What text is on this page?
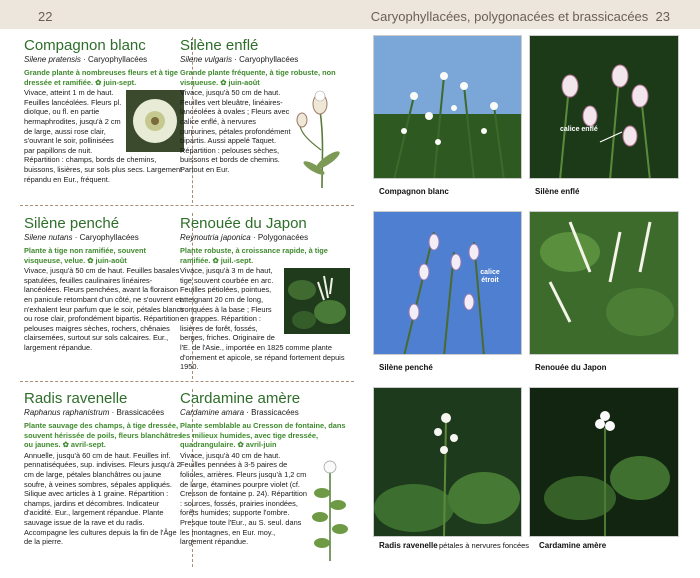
22	Caryophyllacées, polygonacées et brassicacées 23
Compagnon blanc
Silene pratensis · Caryophyllacées
Grande plante à nombreuses fleurs et à tige dressée et ramifiée. ✿ juin-sept.
Vivace, atteint 1 m de haut. Feuilles lancéolées. Fleurs pl. dioïque, ou fl. en partie hermaphrodites, jusqu'à 2 cm de large, aussi rose clair, s'ouvrant le soir, pollinisées par papillons de nuit. Répartition : champs, bords de chemins, buissons, lisières, sur sols plus secs. Largement répandu en Eur., fréquent.
Silène enflé
Silene vulgaris · Caryophyllacées
Grande plante fréquente, à tige robuste, non visqueuse. ✿ juin-août
Vivace, jusqu'à 50 cm de haut. Feuilles vert bleuâtre, linéaires-lancéolées à ovales ; Fleurs avec calice enflé, à nervures purpurines, pétales profondément bipartis. Aussi appelé Taquet. Répartition : pelouses sèches, buissons et bords de chemins. Partout en Eur.
Silène penché
Silene nutans · Caryophyllacées
Plante à tige non ramifiée, souvent visqueuse, velue. ✿ juin-août
Vivace, jusqu'à 50 cm de haut. Feuilles basales spatulées, feuilles caulinaires linéaires-lancéolées. Fleurs penchées, avant la floraison en panicule retombant d'un côté, ne s'ouvrent et n'exhalent leur parfum que le soir, pétales blancs ou rose clair, profondément bipartis. Répartition : pelouses maigres sèches, rochers, chênaies clairsemées, surtout sur sols calcaires. Eur., largement répandue.
Renouée du Japon
Reynoutria japonica · Polygonacées
Plante robuste, à croissance rapide, à tige ramifiée. ✿ juil.-sept.
Vivace, jusqu'à 3 m de haut, tige souvent courbée en arc. Feuilles pétiolées, pointues, atteignant 20 cm de long, tronquées à la base ; Fleurs en grappes. Répartition : lisières de forêt, fossés, berges, friches. Originaire de l'E. de l'Asie., importée en 1825 comme plante d'ornement et apicole, se répand fortement depuis 1950.
Radis ravenelle
Raphanus raphanistrum · Brassicacées
Plante sauvage des champs, à tige dressée, souvent hérissée de poils, fleurs blanchâtres ou jaunes. ✿ avril-sept.
Annuelle, jusqu'à 60 cm de haut. Feuilles inf. pennatiséquées, sup. indivises. Fleurs jusqu'à 2 cm de large, pétales blanchâtres ou jaune soufre, à veines sombres, sépales appliqués. Silique avec articles à 1 graine. Répartition : champs, jardins et décombres. Indicateur d'acidité. Eur., largement répandue. Plante sauvage issue de la rave et du radis. Accompagne les cultures depuis la fin de l'Âge de la pierre.
Cardamine amère
Cardamine amara · Brassicacées
Plante semblable au Cresson de fontaine, dans les milieux humides, avec tige dressée, quadrangulaire. ✿ avril-juin
Vivace, jusqu'à 40 cm de haut. Feuilles pennées à 3-5 paires de folioles, arrières. Fleurs jusqu'à 1,2 cm de large, étamines pourpre violet (cf. Cresson de fontaine p. 24). Répartition : sources, fossés, prairies inondées, forêts humides; supporte l'ombre. Presque toute l'Eur., au S. seul. dans les montagnes, en Eur. moy., largement répandue.
Compagnon blanc
calice enflé
Silène enflé
calice étroit
Silène penché	Renouée du Japon
Radis ravenelle pétales à nervures foncées Cardamine amère
